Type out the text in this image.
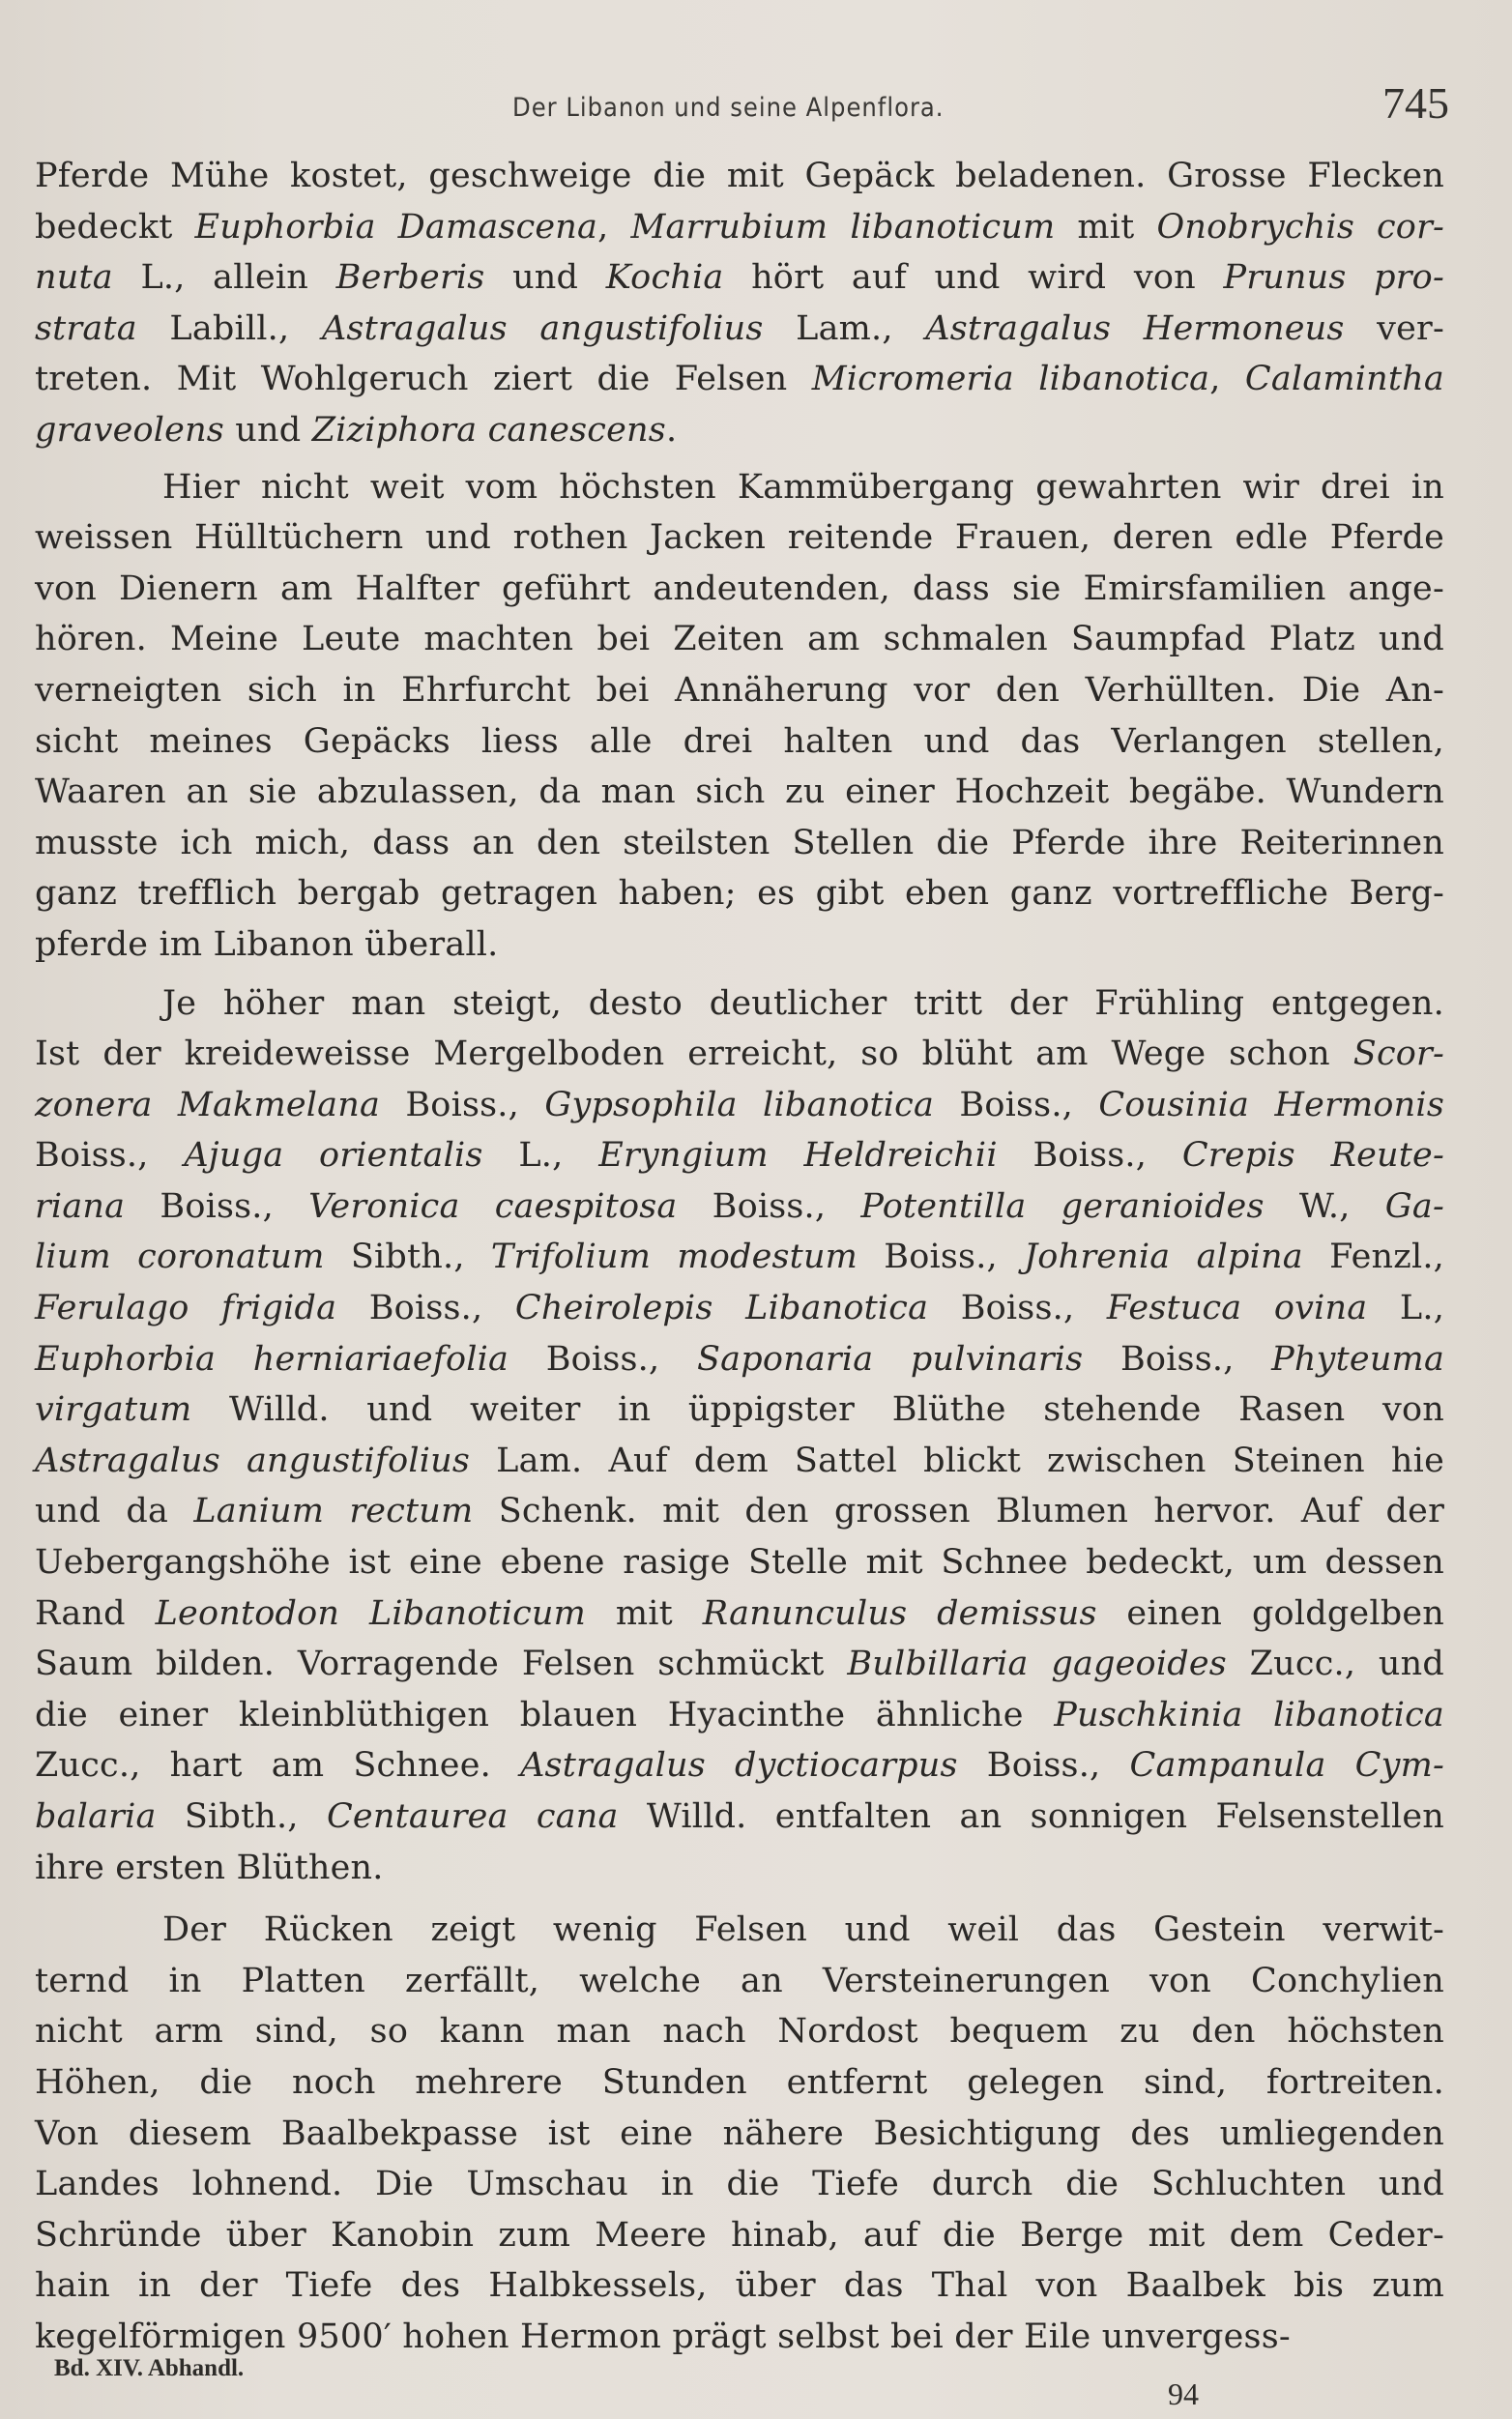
Der Libanon und seine Alpenflora.	745
Pferde Mühe kostet, geschweige die mit Gepäck beladenen. Grosse Flecken
bedeckt Euphorbia Damascena, Marrubium libanoticum mit Onobrychis cor-
nuta L., allein Berberis und Kochia hört auf und wird von Prunus pro-
strata Labill., Astragalus angustifolius Lam., Astragalus Hermoneus ver-
treten. Mit Wohlgeruch ziert die Felsen Micromeria libanotica, Calamintha
graveolens und Ziziphora canescens.
Hier nicht weit vom höchsten Kammübergang gewahrten wir drei in
weissen Hülltüchern und rothen Jacken reitende Frauen, deren edle Pferde
von Dienern am Halfter geführt andeutenden, dass sie Emirsfamilien ange-
hören. Meine Leute machten bei Zeiten am schmalen Saumpfad Platz und
verneigten sich in Ehrfurcht bei Annäherung vor den Verhüllten. Die An-
sicht meines Gepäcks liess alle drei halten und das Verlangen stellen,
Waaren an sie abzulassen, da man sich zu einer Hochzeit begäbe. Wundern
musste ich mich, dass an den steilsten Stellen die Pferde ihre Reiterinnen
ganz trefflich bergab getragen haben; es gibt eben ganz vortreffliche Berg-
pferde im Libanon überall.
Je höher man steigt, desto deutlicher tritt der Frühling entgegen.
Ist der kreideweisse Mergelboden erreicht, so blüht am Wege schon Scor-
zonera Makmelana Boiss., Gypsophila libanotica Boiss., Cousinia Hermonis
Boiss., Ajuga orientalis L., Eryngium Heldreichii Boiss., Crepis Reute-
riana Boiss., Veronica caespitosa Boiss., Potentilla geranioides W., Ga-
lium coronatum Sibth., Trifolium modestum Boiss., Johrenia alpina Fenzl.,
Ferulago frigida Boiss., Cheirolepis Libanotica Boiss., Festuca ovina L.,
Euphorbia herniariaefolia Boiss., Saponaria pulvinaris Boiss., Phyteuma
virgatum Willd. und weiter in üppigster Blüthe stehende Rasen von
Astragalus angustifolius Lam. Auf dem Sattel blickt zwischen Steinen hie
und da Lanium rectum Schenk. mit den grossen Blumen hervor. Auf der
Uebergangshöhe ist eine ebene rasige Stelle mit Schnee bedeckt, um dessen
Rand Leontodon Libanoticum mit Ranunculus demissus einen goldgelben
Saum bilden. Vorragende Felsen schmückt Bulbillaria gageoides Zucc., und
die einer kleinblüthigen blauen Hyacinthe ähnliche Puschkinia libanotica
Zucc., hart am Schnee. Astragalus dyctiocarpus Boiss., Campanula Cym-
balaria Sibth., Centaurea cana Willd. entfalten an sonnigen Felsenstellen
ihre ersten Blüthen.
Der Rücken zeigt wenig Felsen und weil das Gestein verwit-
ternd in Platten zerfällt, welche an Versteinerungen von Conchylien
nicht arm sind, so kann man nach Nordost bequem zu den höchsten
Höhen, die noch mehrere Stunden entfernt gelegen sind, fortreiten.
Von diesem Baalbekpasse ist eine nähere Besichtigung des umliegenden
Landes lohnend. Die Umschau in die Tiefe durch die Schluchten und
Schründe über Kanobin zum Meere hinab, auf die Berge mit dem Ceder-
hain in der Tiefe des Halbkessels, über das Thal von Baalbek bis zum
kegelförmigen 9500′ hohen Hermon prägt selbst bei der Eile unvergess-
Bd. XIV. Abhandl.
94
